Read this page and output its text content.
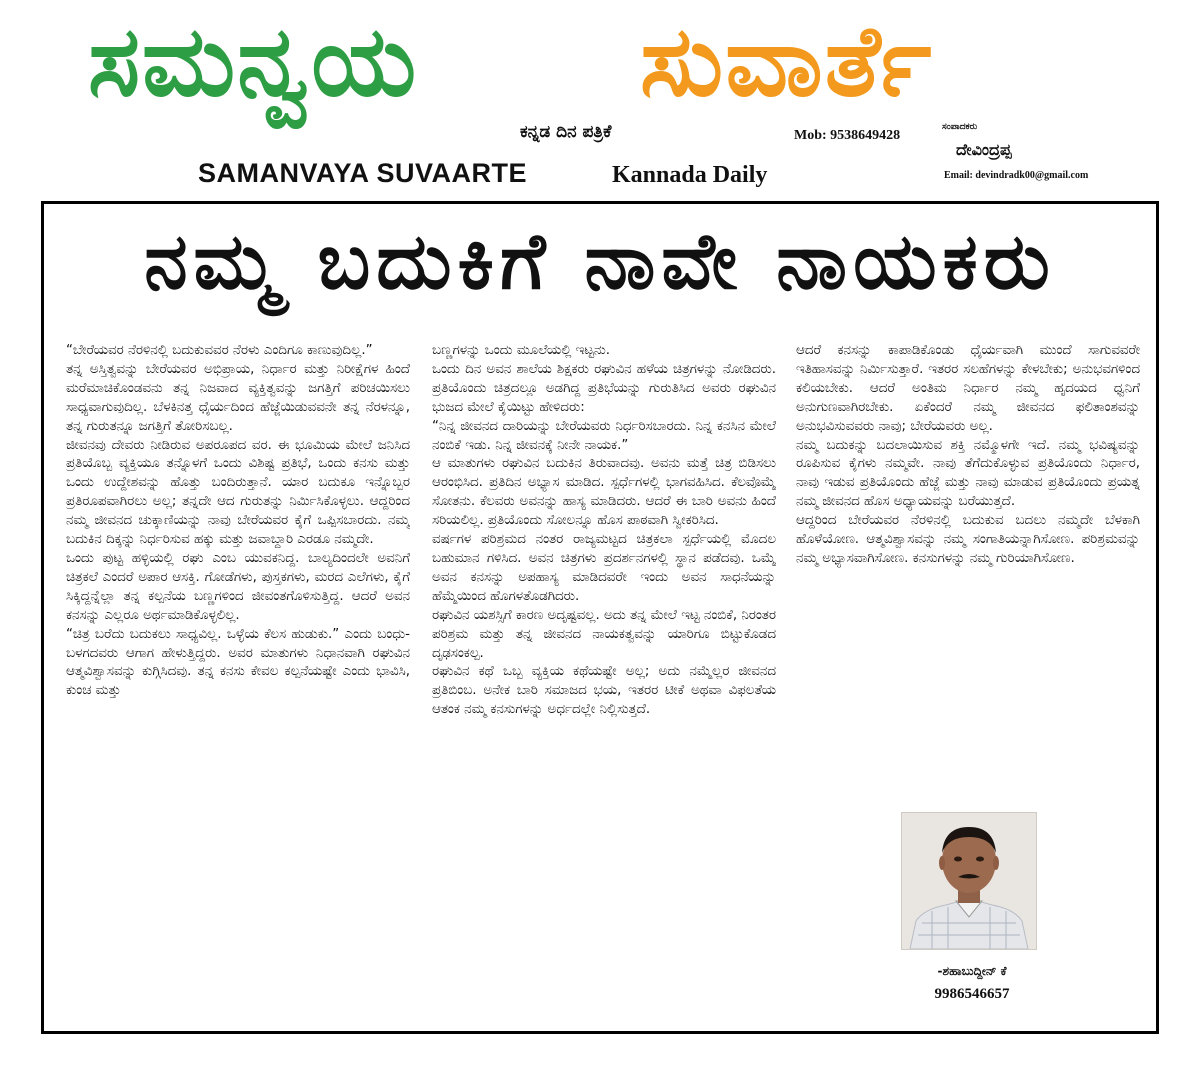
ಸಮನ್ವಯ ಸುವಾರ್ತೆ
ಕನ್ನಡ ದಿನ ಪತ್ರಿಕೆ
SAMANVAYA SUVAARTE	Kannada Daily
Mob: 9538649428
ಸಂಪಾದಕರು
ದೇವಿಂದ್ರಪ್ಪ
Email: devindradk00@gmail.com
ನಮ್ಮ ಬದುಕಿಗೆ ನಾವೇ ನಾಯಕರು

“ಬೇರೆಯವರ ನೆರಳಿನಲ್ಲಿ ಬದುಕುವವರ ನೆರಳು ಎಂದಿಗೂ ಕಾಣುವುದಿಲ್ಲ.”

ತನ್ನ ಅಸ್ತಿತ್ವವನ್ನು ಬೇರೆಯವರ ಅಭಿಪ್ರಾಯ, ನಿರ್ಧಾರ ಮತ್ತು ನಿರೀಕ್ಷೆಗಳ ಹಿಂದೆ ಮರೆಮಾಚಿಕೊಂಡವನು ತನ್ನ ನಿಜವಾದ ವ್ಯಕ್ತಿತ್ವವನ್ನು ಜಗತ್ತಿಗೆ ಪರಿಚಯಿಸಲು ಸಾಧ್ಯವಾಗುವುದಿಲ್ಲ. ಬೆಳಕಿನತ್ತ ಧೈರ್ಯದಿಂದ ಹೆಜ್ಜೆಯಿಡುವವನೇ ತನ್ನ ನೆರಳನ್ನೂ, ತನ್ನ ಗುರುತನ್ನೂ ಜಗತ್ತಿಗೆ ತೋರಿಸಬಲ್ಲ.

ಜೀವನವು ದೇವರು ನೀಡಿರುವ ಅಪರೂಪದ ವರ. ಈ ಭೂಮಿಯ ಮೇಲೆ ಜನಿಸಿದ ಪ್ರತಿಯೊಬ್ಬ ವ್ಯಕ್ತಿಯೂ ತನ್ನೊಳಗೆ ಒಂದು ವಿಶಿಷ್ಟ ಪ್ರತಿಭೆ, ಒಂದು ಕನಸು ಮತ್ತು ಒಂದು ಉದ್ದೇಶವನ್ನು ಹೊತ್ತು ಬಂದಿರುತ್ತಾನೆ. ಯಾರ ಬದುಕೂ ಇನ್ನೊಬ್ಬರ ಪ್ರತಿರೂಪವಾಗಿರಲು ಅಲ್ಲ; ತನ್ನದೇ ಆದ ಗುರುತನ್ನು ನಿರ್ಮಿಸಿಕೊಳ್ಳಲು. ಆದ್ದರಿಂದ ನಮ್ಮ ಜೀವನದ ಚುಕ್ಕಾಣಿಯನ್ನು ನಾವು ಬೇರೆಯವರ ಕೈಗೆ ಒಪ್ಪಿಸಬಾರದು. ನಮ್ಮ ಬದುಕಿನ ದಿಕ್ಕನ್ನು ನಿರ್ಧರಿಸುವ ಹಕ್ಕು ಮತ್ತು ಜವಾಬ್ದಾರಿ ಎರಡೂ ನಮ್ಮದೇ.

ಒಂದು ಪುಟ್ಟ ಹಳ್ಳಿಯಲ್ಲಿ ರಘು ಎಂಬ ಯುವಕನಿದ್ದ. ಬಾಲ್ಯದಿಂದಲೇ ಅವನಿಗೆ ಚಿತ್ರಕಲೆ ಎಂದರೆ ಅಪಾರ ಆಸಕ್ತಿ. ಗೋಡೆಗಳು, ಪುಸ್ತಕಗಳು, ಮರದ ಎಲೆಗಳು, ಕೈಗೆ ಸಿಕ್ಕಿದ್ದನ್ನೆಲ್ಲಾ ತನ್ನ ಕಲ್ಪನೆಯ ಬಣ್ಣಗಳಿಂದ ಜೀವಂತಗೊಳಿಸುತ್ತಿದ್ದ. ಆದರೆ ಅವನ ಕನಸನ್ನು ಎಲ್ಲರೂ ಅರ್ಥಮಾಡಿಕೊಳ್ಳಲಿಲ್ಲ.

“ಚಿತ್ರ ಬರೆದು ಬದುಕಲು ಸಾಧ್ಯವಿಲ್ಲ. ಒಳ್ಳೆಯ ಕೆಲಸ ಹುಡುಕು.” ಎಂದು ಬಂಧು-ಬಳಗದವರು ಆಗಾಗ ಹೇಳುತ್ತಿದ್ದರು. ಅವರ ಮಾತುಗಳು ನಿಧಾನವಾಗಿ ರಘುವಿನ ಆತ್ಮವಿಶ್ವಾಸವನ್ನು ಕುಗ್ಗಿಸಿದವು. ತನ್ನ ಕನಸು ಕೇವಲ ಕಲ್ಪನೆಯಷ್ಟೇ ಎಂದು ಭಾವಿಸಿ, ಕುಂಚ ಮತ್ತು

ಬಣ್ಣಗಳನ್ನು ಒಂದು ಮೂಲೆಯಲ್ಲಿ ಇಟ್ಟನು.

ಒಂದು ದಿನ ಅವನ ಶಾಲೆಯ ಶಿಕ್ಷಕರು ರಘುವಿನ ಹಳೆಯ ಚಿತ್ರಗಳನ್ನು ನೋಡಿದರು. ಪ್ರತಿಯೊಂದು ಚಿತ್ರದಲ್ಲೂ ಅಡಗಿದ್ದ ಪ್ರತಿಭೆಯನ್ನು ಗುರುತಿಸಿದ ಅವರು ರಘುವಿನ ಭುಜದ ಮೇಲೆ ಕೈಯಿಟ್ಟು ಹೇಳಿದರು:

“ನಿನ್ನ ಜೀವನದ ದಾರಿಯನ್ನು ಬೇರೆಯವರು ನಿರ್ಧರಿಸಬಾರದು. ನಿನ್ನ ಕನಸಿನ ಮೇಲೆ ನಂಬಿಕೆ ಇಡು. ನಿನ್ನ ಜೀವನಕ್ಕೆ ನೀನೇ ನಾಯಕ.”

ಆ ಮಾತುಗಳು ರಘುವಿನ ಬದುಕಿನ ತಿರುವಾದವು. ಅವನು ಮತ್ತೆ ಚಿತ್ರ ಬಿಡಿಸಲು ಆರಂಭಿಸಿದ. ಪ್ರತಿದಿನ ಅಭ್ಯಾಸ ಮಾಡಿದ. ಸ್ಪರ್ಧೆಗಳಲ್ಲಿ ಭಾಗವಹಿಸಿದ. ಕೆಲವೊಮ್ಮೆ ಸೋತನು. ಕೆಲವರು ಅವನನ್ನು ಹಾಸ್ಯ ಮಾಡಿದರು. ಆದರೆ ಈ ಬಾರಿ ಅವನು ಹಿಂದೆ ಸರಿಯಲಿಲ್ಲ. ಪ್ರತಿಯೊಂದು ಸೋಲನ್ನೂ ಹೊಸ ಪಾಠವಾಗಿ ಸ್ವೀಕರಿಸಿದ.

ವರ್ಷಗಳ ಪರಿಶ್ರಮದ ನಂತರ ರಾಜ್ಯಮಟ್ಟದ ಚಿತ್ರಕಲಾ ಸ್ಪರ್ಧೆಯಲ್ಲಿ ಮೊದಲ ಬಹುಮಾನ ಗಳಿಸಿದ. ಅವನ ಚಿತ್ರಗಳು ಪ್ರದರ್ಶನಗಳಲ್ಲಿ ಸ್ಥಾನ ಪಡೆದವು. ಒಮ್ಮೆ ಅವನ ಕನಸನ್ನು ಅಪಹಾಸ್ಯ ಮಾಡಿದವರೇ ಇಂದು ಅವನ ಸಾಧನೆಯನ್ನು ಹೆಮ್ಮೆಯಿಂದ ಹೊಗಳತೊಡಗಿದರು.

ರಘುವಿನ ಯಶಸ್ಸಿಗೆ ಕಾರಣ ಅದೃಷ್ಟವಲ್ಲ. ಅದು ತನ್ನ ಮೇಲೆ ಇಟ್ಟ ನಂಬಿಕೆ, ನಿರಂತರ ಪರಿಶ್ರಮ ಮತ್ತು ತನ್ನ ಜೀವನದ ನಾಯಕತ್ವವನ್ನು ಯಾರಿಗೂ ಬಿಟ್ಟುಕೊಡದ ದೃಢಸಂಕಲ್ಪ.

ರಘುವಿನ ಕಥೆ ಒಬ್ಬ ವ್ಯಕ್ತಿಯ ಕಥೆಯಷ್ಟೇ ಅಲ್ಲ; ಅದು ನಮ್ಮೆಲ್ಲರ ಜೀವನದ ಪ್ರತಿಬಿಂಬ. ಅನೇಕ ಬಾರಿ ಸಮಾಜದ ಭಯ, ಇತರರ ಟೀಕೆ ಅಥವಾ ವಿಫಲತೆಯ ಆತಂಕ ನಮ್ಮ ಕನಸುಗಳನ್ನು ಅರ್ಧದಲ್ಲೇ ನಿಲ್ಲಿಸುತ್ತದೆ.

ಆದರೆ ಕನಸನ್ನು ಕಾಪಾಡಿಕೊಂಡು ಧೈರ್ಯವಾಗಿ ಮುಂದೆ ಸಾಗುವವರೇ ಇತಿಹಾಸವನ್ನು ನಿರ್ಮಿಸುತ್ತಾರೆ. ಇತರರ ಸಲಹೆಗಳನ್ನು ಕೇಳಬೇಕು; ಅನುಭವಗಳಿಂದ ಕಲಿಯಬೇಕು. ಆದರೆ ಅಂತಿಮ ನಿರ್ಧಾರ ನಮ್ಮ ಹೃದಯದ ಧ್ವನಿಗೆ ಅನುಗುಣವಾಗಿರಬೇಕು. ಏಕೆಂದರೆ ನಮ್ಮ ಜೀವನದ ಫಲಿತಾಂಶವನ್ನು ಅನುಭವಿಸುವವರು ನಾವು; ಬೇರೆಯವರು ಅಲ್ಲ.

ನಮ್ಮ ಬದುಕನ್ನು ಬದಲಾಯಿಸುವ ಶಕ್ತಿ ನಮ್ಮೊಳಗೇ ಇದೆ. ನಮ್ಮ ಭವಿಷ್ಯವನ್ನು ರೂಪಿಸುವ ಕೈಗಳು ನಮ್ಮವೇ. ನಾವು ತೆಗೆದುಕೊಳ್ಳುವ ಪ್ರತಿಯೊಂದು ನಿರ್ಧಾರ, ನಾವು ಇಡುವ ಪ್ರತಿಯೊಂದು ಹೆಜ್ಜೆ ಮತ್ತು ನಾವು ಮಾಡುವ ಪ್ರತಿಯೊಂದು ಪ್ರಯತ್ನ ನಮ್ಮ ಜೀವನದ ಹೊಸ ಅಧ್ಯಾಯವನ್ನು ಬರೆಯುತ್ತದೆ.

ಆದ್ದರಿಂದ ಬೇರೆಯವರ ನೆರಳಿನಲ್ಲಿ ಬದುಕುವ ಬದಲು ನಮ್ಮದೇ ಬೆಳಕಾಗಿ ಹೊಳೆಯೋಣ. ಆತ್ಮವಿಶ್ವಾಸವನ್ನು ನಮ್ಮ ಸಂಗಾತಿಯನ್ನಾಗಿಸೋಣ. ಪರಿಶ್ರಮವನ್ನು ನಮ್ಮ ಅಭ್ಯಾಸವಾಗಿಸೋಣ. ಕನಸುಗಳನ್ನು ನಮ್ಮ ಗುರಿಯಾಗಿಸೋಣ.

-ಶಹಾಬುದ್ದೀನ್ ಕೆ
9986546657
